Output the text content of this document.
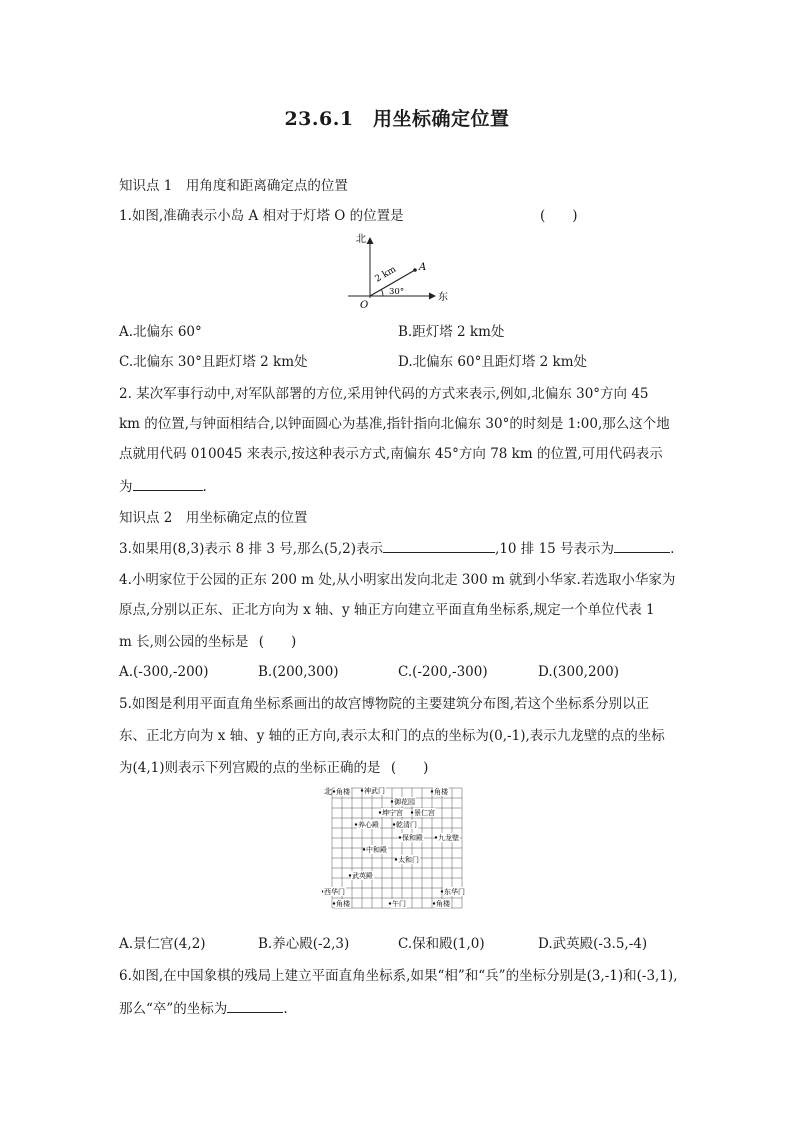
23.6.1　用坐标确定位置
知识点 1　用角度和距离确定点的位置
1.如图,准确表示小岛 A 相对于灯塔 O 的位置是	(　　)
北
东
O
A
2 km
30°
A.北偏东 60°	B.距灯塔 2 km处
C.北偏东 30°且距灯塔 2 km处	D.北偏东 60°且距灯塔 2 km处
2. 某次军事行动中,对军队部署的方位,采用钟代码的方式来表示,例如,北偏东 30°方向 45
km 的位置,与钟面相结合,以钟面圆心为基准,指针指向北偏东 30°的时刻是 1:00,那么这个地
点就用代码 010045 来表示,按这种表示方式,南偏东 45°方向 78 km 的位置,可用代码表示
为	.
知识点 2　用坐标确定点的位置
3.如果用(8,3)表示 8 排 3 号,那么(5,2)表示	,10 排 15 号表示为	.
4.小明家位于公园的正东 200 m 处,从小明家出发向北走 300 m 就到小华家.若选取小华家为
原点,分别以正东、正北方向为 x 轴、y 轴正方向建立平面直角坐标系,规定一个单位代表 1
m 长,则公园的坐标是 (　　)
A.(-300,-200)	B.(200,300)	C.(-200,-300)	D.(300,200)
5.如图是利用平面直角坐标系画出的故宫博物院的主要建筑分布图,若这个坐标系分别以正
东、正北方向为 x 轴、y 轴的正方向,表示太和门的点的坐标为(0,-1),表示九龙壁的点的坐标
为(4,1)则表示下列宫殿的点的坐标正确的是 (　　)
角楼 神武门	角楼
御花园
坤宁宫 景仁宫
养心殿 乾清门
保和殿 九龙壁
中和殿
太和门
武英殿
西华门	东华门
角楼	午门	角楼
北
A.景仁宫(4,2)	B.养心殿(-2,3)	C.保和殿(1,0)	D.武英殿(-3.5,-4)
6.如图,在中国象棋的残局上建立平面直角坐标系,如果“相”和“兵”的坐标分别是(3,-1)和(-3,1),
那么“卒”的坐标为	.
